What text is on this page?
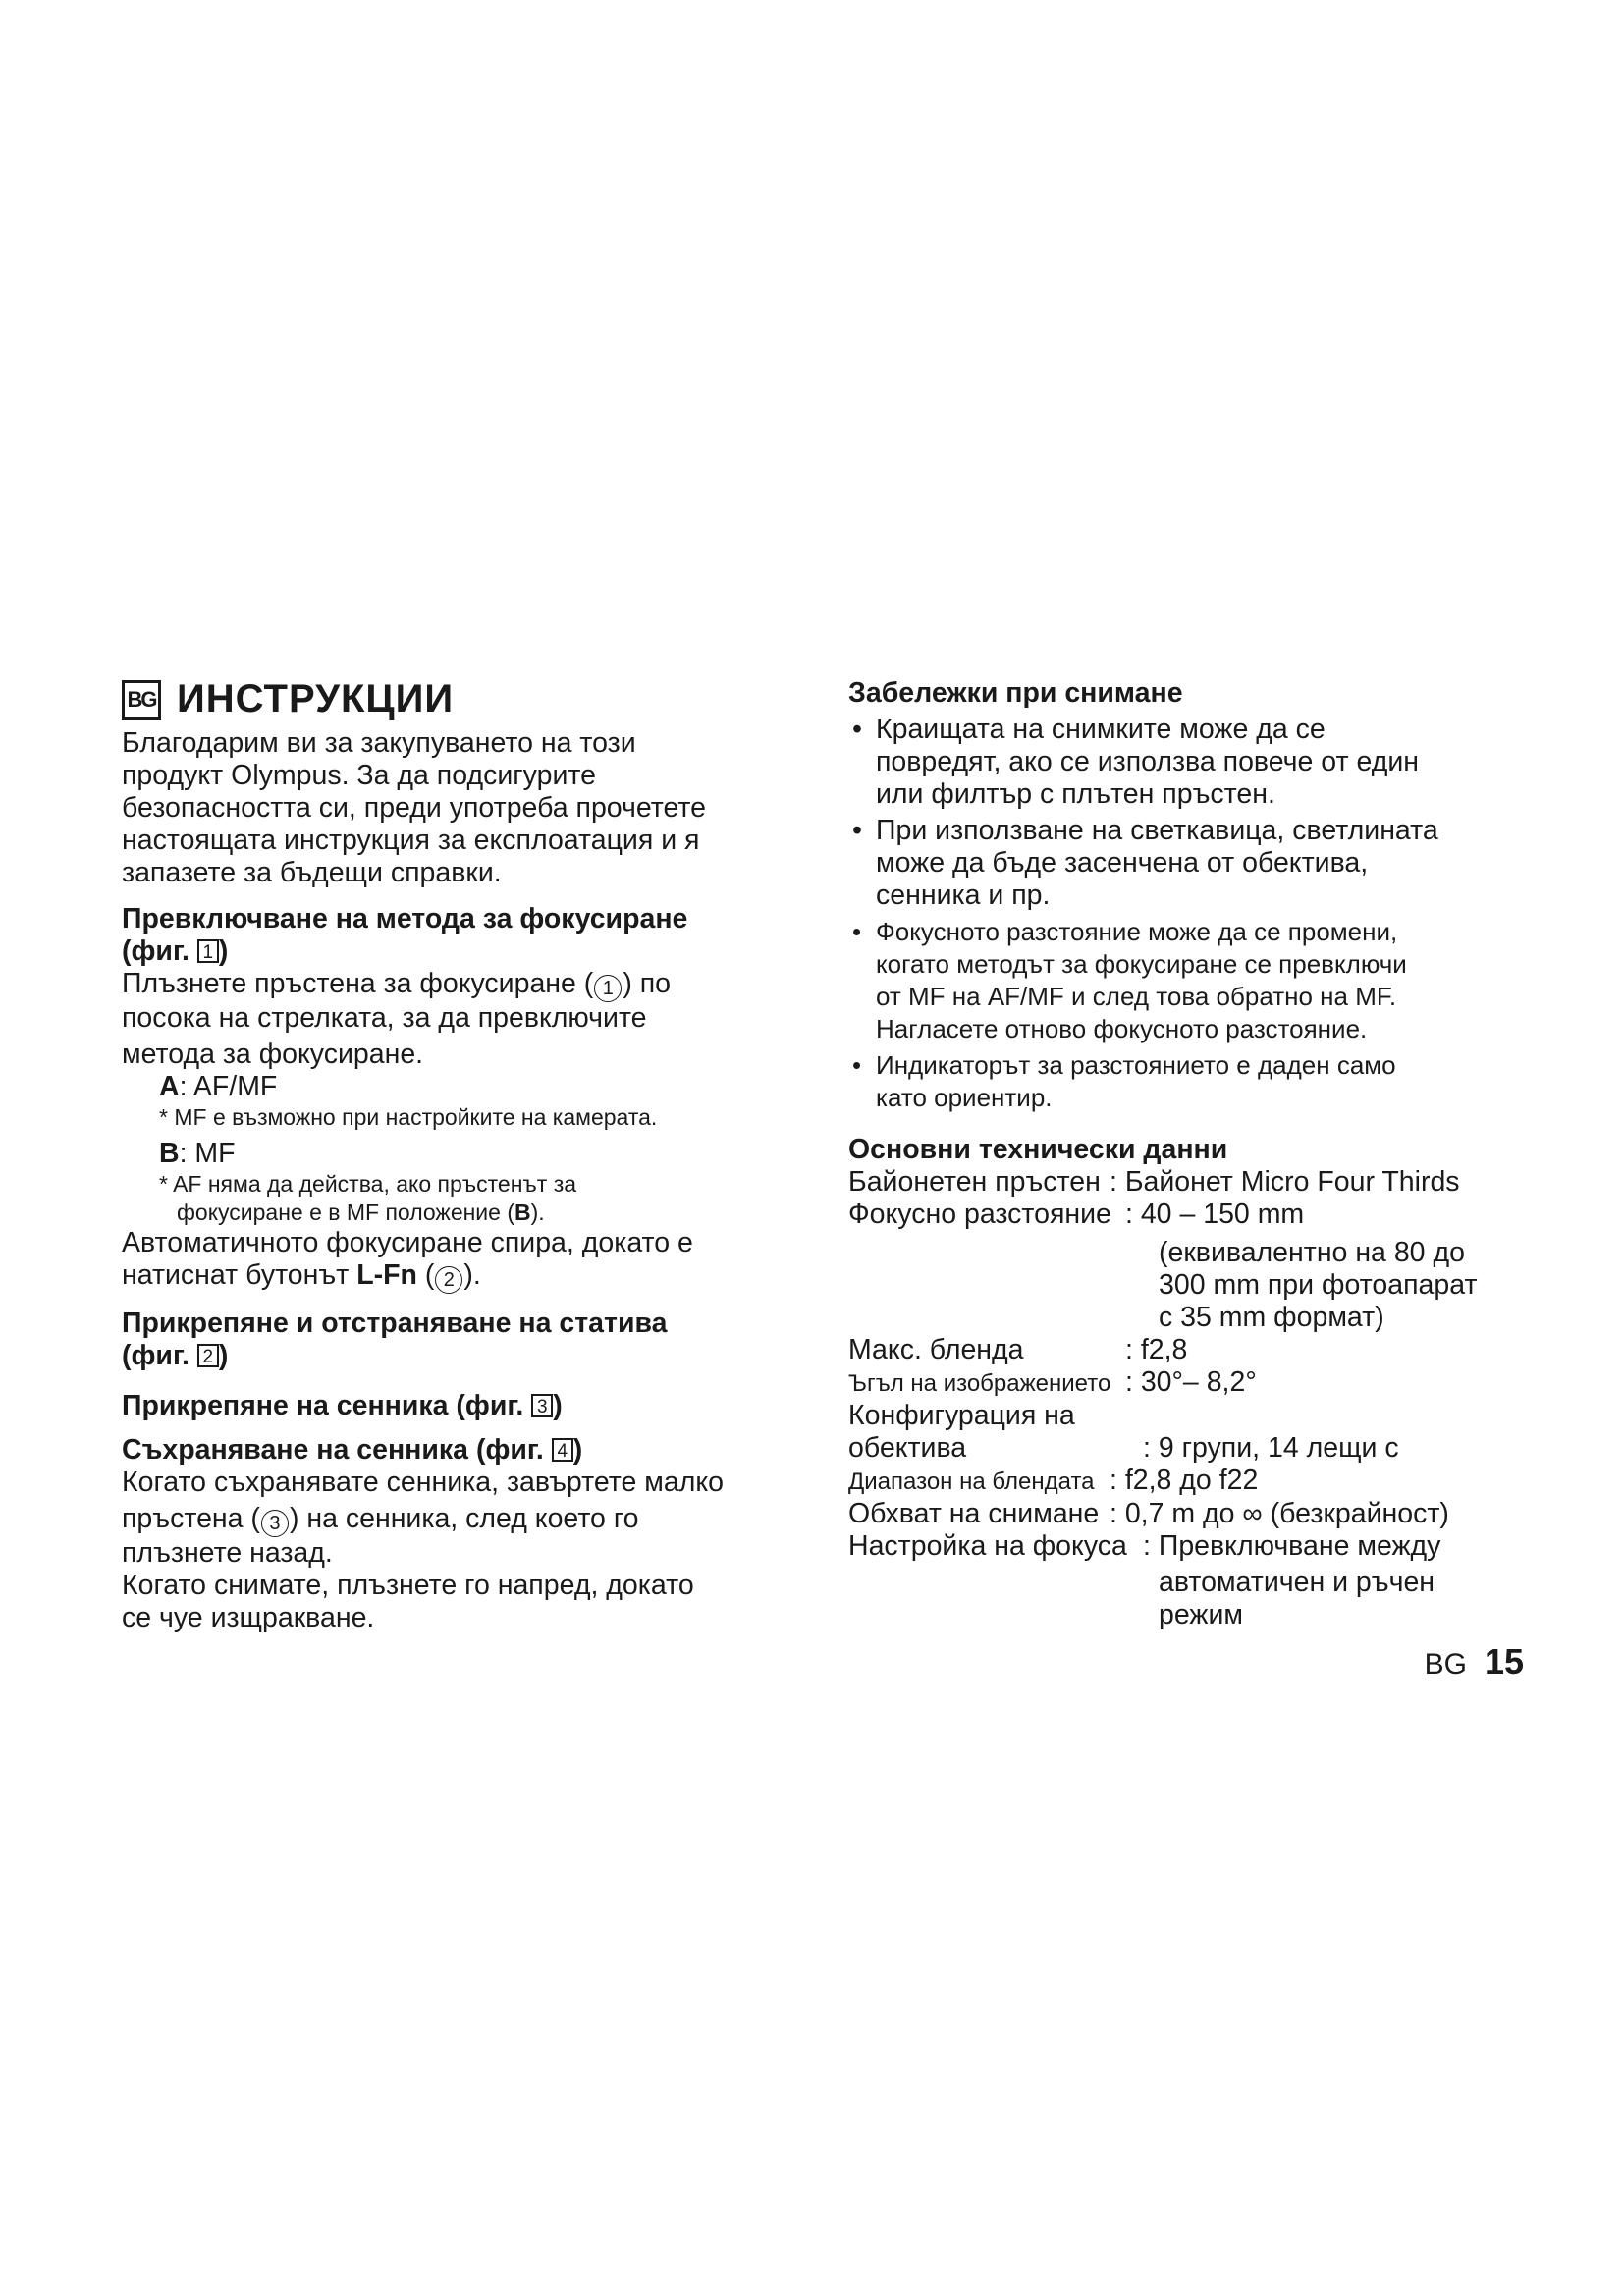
BG ИНСТРУКЦИИ

Благодарим ви за закупуването на този

продукт Olympus. За да подсигурите

безопасността си, преди употреба прочетете

настоящата инструкция за експлоатация и я

запазете за бъдещи справки.

Превключване на метода за фокусиране

(фиг. 1 )

Плъзнете пръстена за фокусиране ( 1 ) по

посока на стрелката, за да превключите

метода за фокусиране.

A: AF/MF

* MF е възможно при настройките на камерата.

B: MF

* AF няма да действа, ако пръстенът за

фокусиране е в MF положение (B).

Автоматичното фокусиране спира, докато е

натиснат бутонът L-Fn ( 2 ).

Прикрепяне и отстраняване на статива

(фиг. 2 )

Прикрепяне на сенника (фиг. 3 )

Съхраняване на сенника (фиг. 4 )

Когато съхранявате сенника, завъртете малко

пръстена ( 3 ) на сенника, след което го

плъзнете назад.

Когато снимате, плъзнете го напред, докато

се чуе изщракване.

Забележки при снимане

• Краищата на снимките може да се
повредят, ако се използва повече от един
или филтър с плътен пръстен.
• При използване на светкавица, светлината
може да бъде засенчена от обектива,
сенника и пр.
• Фокусното разстояние може да се промени,
когато методът за фокусиране се превключи
от MF на AF/MF и след това обратно на MF.
Нагласете отново фокусното разстояние.
• Индикаторът за разстоянието е даден само
като ориентир.

Основни технически данни

Байонетен пръстен : Байонет Micro Four Thirds
Фокусно разстояние : 40 – 150 mm
(еквивалентно на 80 до
300 mm при фотоапарат
с 35 mm формат)
Макс. бленда	: f2,8
Ъгъл на изображението : 30°– 8,2°
Конфигурация на
обектива	: 9 групи, 14 лещи с
Диапазон на блендата : f2,8 до f22
Обхват на снимане : 0,7 m до ∞ (безкрайност)
Настройка на фокуса : Превключване между
автоматичен и ръчен
режим
BG 15
